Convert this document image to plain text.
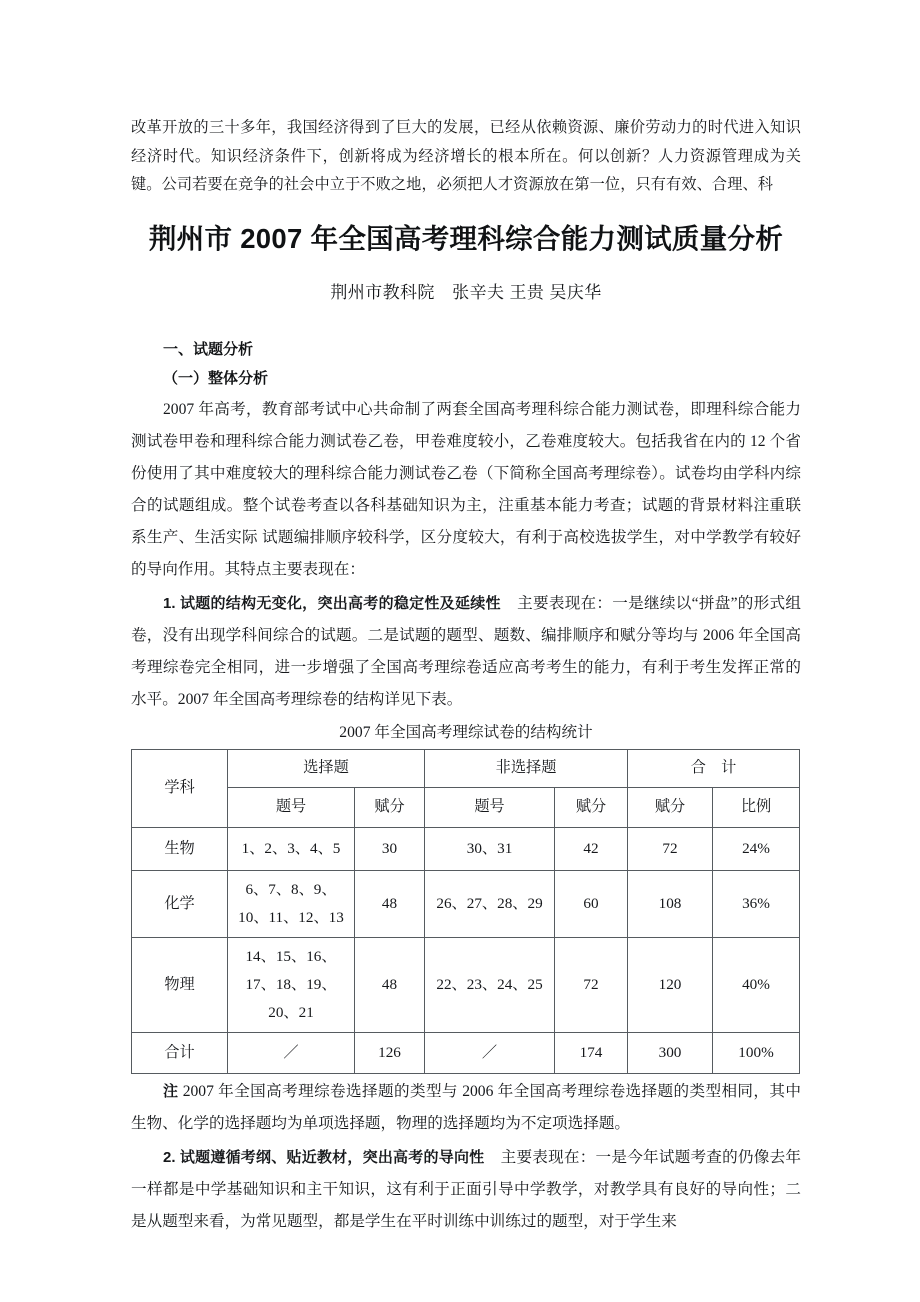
改革开放的三十多年，我国经济得到了巨大的发展，已经从依赖资源、廉价劳动力的时代进入知识经济时代。知识经济条件下，创新将成为经济增长的根本所在。何以创新？人力资源管理成为关键。公司若要在竞争的社会中立于不败之地，必须把人才资源放在第一位，只有有效、合理、科

荆州市 2007 年全国高考理科综合能力测试质量分析

荆州市教科院　张辛夫 王贵 吴庆华

一、试题分析
（一）整体分析

2007 年高考，教育部考试中心共命制了两套全国高考理科综合能力测试卷，即理科综合能力测试卷甲卷和理科综合能力测试卷乙卷，甲卷难度较小，乙卷难度较大。包括我省在内的 12 个省份使用了其中难度较大的理科综合能力测试卷乙卷（下简称全国高考理综卷）。试卷均由学科内综合的试题组成。整个试卷考查以各科基础知识为主，注重基本能力考查；试题的背景材料注重联系生产、生活实际 试题编排顺序较科学，区分度较大，有利于高校选拔学生，对中学教学有较好的导向作用。其特点主要表现在：

1. 试题的结构无变化，突出高考的稳定性及延续性 主要表现在：一是继续以“拼盘”的形式组卷，没有出现学科间综合的试题。二是试题的题型、题数、编排顺序和赋分等均与 2006 年全国高考理综卷完全相同，进一步增强了全国高考理综卷适应高考考生的能力，有利于考生发挥正常的水平。2007 年全国高考理综卷的结构详见下表。

2007 年全国高考理综试卷的结构统计

学科	选择题		非选择题		合　计	
	题号	赋分	题号	赋分	赋分	比例
生物	1、2、3、4、5	30	30、31	42	72	24%
化学	6、7、8、9、
10、11、12、13	48	26、27、28、29	60	108	36%
物理	14、15、16、
17、18、19、
20、21	48	22、23、24、25	72	120	40%
合计	／	126	／	174	300	100%

注 2007 年全国高考理综卷选择题的类型与 2006 年全国高考理综卷选择题的类型相同，其中生物、化学的选择题均为单项选择题，物理的选择题均为不定项选择题。

2. 试题遵循考纲、贴近教材，突出高考的导向性 主要表现在：一是今年试题考查的仍像去年一样都是中学基础知识和主干知识，这有利于正面引导中学教学，对教学具有良好的导向性；二是从题型来看，为常见题型，都是学生在平时训练中训练过的题型，对于学生来
